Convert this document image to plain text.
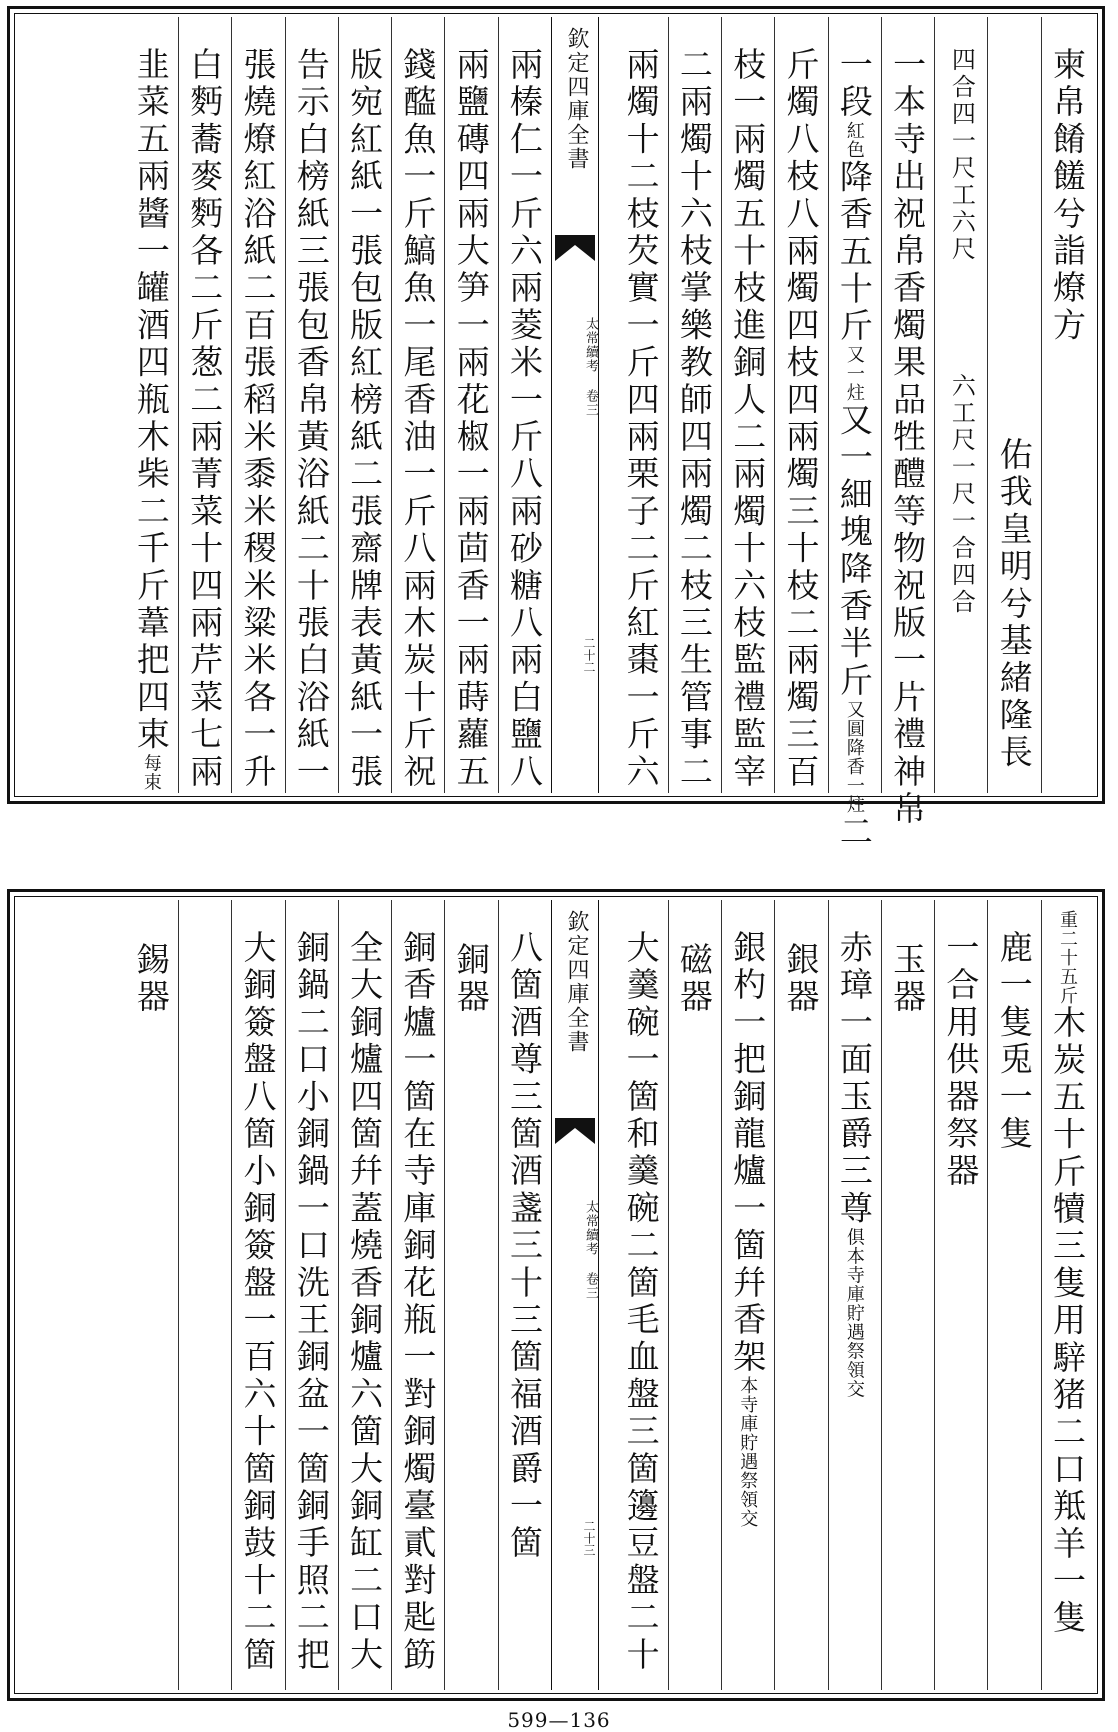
柬帛餚饈兮詣燎方
佑我皇明兮基緒隆長
四合四一尺工六尺六工尺一尺一合四合
一本寺出祝帛香燭果品牲醴等物祝版一片禮神帛
一段紅色降香五十斤又一炷又一細塊降香半斤又圓降香一炷二
斤燭八枝八兩燭四枝四兩燭三十枝二兩燭三百
枝一兩燭五十枝進銅人二兩燭十六枝監禮監宰
二兩燭十六枝掌樂教師四兩燭二枝三生管事二
兩燭十二枝芡實一斤四兩栗子二斤紅棗一斤六
欽定四庫全書
太常續考 卷三
二十二
兩榛仁一斤六兩菱米一斤八兩砂糖八兩白鹽八
兩鹽磚四兩大笋一兩花椒一兩茴香一兩蒔蘿五
錢醓魚一斤鰝魚一尾香油一斤八兩木炭十斤祝
版宛紅紙一張包版紅榜紙二張齋牌表黃紙一張
告示白榜紙三張包香帛黃浴紙二十張白浴紙一
張燒燎紅浴紙二百張稻米黍米稷米粱米各一升
白麪蕎麥麪各二斤葱二兩菁菜十四兩芹菜七兩
韭菜五兩醬一罐酒四瓶木柴二千斤葦把四束每束
重二十五斤木炭五十斤犢三隻用騂猪二口羝羊一隻
鹿一隻兎一隻
一合用供器祭器
玉器
赤璋一面玉爵三尊俱本寺庫貯遇祭領交
銀器
銀杓一把銅龍爐一箇幷香架本寺庫貯遇祭領交
磁器
大羹碗一箇和羹碗二箇毛血盤三箇籩豆盤二十
欽定四庫全書
太常續考 卷三
二十三
八箇酒尊三箇酒盞三十三箇福酒爵一箇
銅器
銅香爐一箇在寺庫銅花瓶一對銅燭臺貳對匙筯
全大銅爐四箇幷蓋燒香銅爐六箇大銅缸二口大
銅鍋二口小銅鍋一口洗王銅盆一箇銅手照二把
大銅簽盤八箇小銅簽盤一百六十箇銅鼓十二箇
錫器
599—136
